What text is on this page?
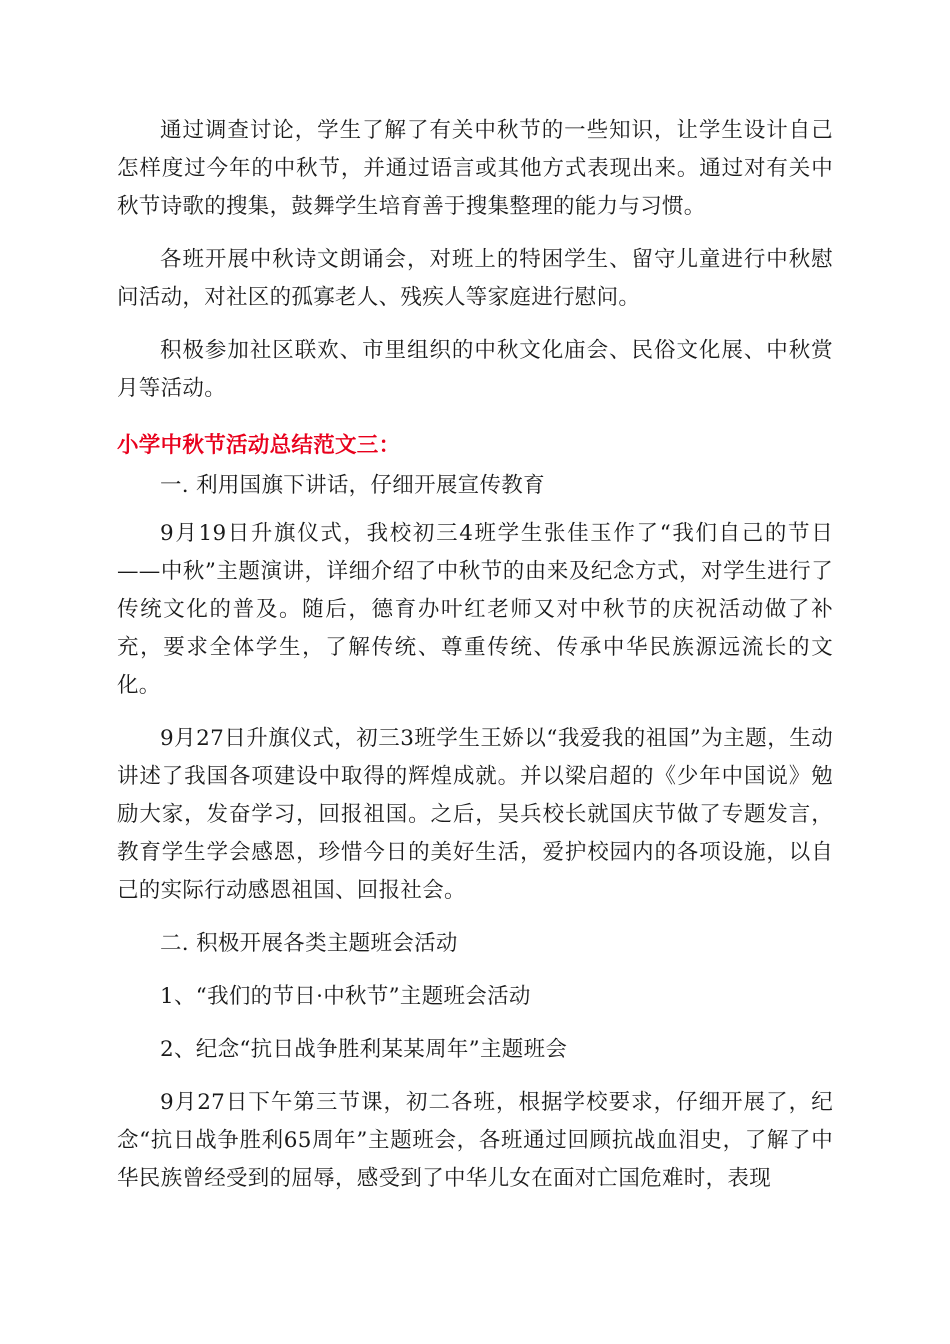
通过调查讨论，学生了解了有关中秋节的一些知识，让学生设计自己怎样度过今年的中秋节，并通过语言或其他方式表现出来。通过对有关中秋节诗歌的搜集，鼓舞学生培育善于搜集整理的能力与习惯。

各班开展中秋诗文朗诵会，对班上的特困学生、留守儿童进行中秋慰问活动，对社区的孤寡老人、残疾人等家庭进行慰问。

积极参加社区联欢、市里组织的中秋文化庙会、民俗文化展、中秋赏月等活动。

小学中秋节活动总结范文三：

一. 利用国旗下讲话，仔细开展宣传教育

9月19日升旗仪式，我校初三4班学生张佳玉作了“我们自己的节日——中秋”主题演讲，详细介绍了中秋节的由来及纪念方式，对学生进行了传统文化的普及。随后，德育办叶红老师又对中秋节的庆祝活动做了补充，要求全体学生，了解传统、尊重传统、传承中华民族源远流长的文化。

9月27日升旗仪式，初三3班学生王娇以“我爱我的祖国”为主题，生动讲述了我国各项建设中取得的辉煌成就。并以梁启超的《少年中国说》勉励大家，发奋学习，回报祖国。之后，吴兵校长就国庆节做了专题发言，教育学生学会感恩，珍惜今日的美好生活，爱护校园内的各项设施，以自己的实际行动感恩祖国、回报社会。

二. 积极开展各类主题班会活动

1、“我们的节日·中秋节”主题班会活动

2、纪念“抗日战争胜利某某周年”主题班会

9月27日下午第三节课，初二各班，根据学校要求，仔细开展了，纪念“抗日战争胜利65周年”主题班会，各班通过回顾抗战血泪史，了解了中华民族曾经受到的屈辱，感受到了中华儿女在面对亡国危难时，表现
